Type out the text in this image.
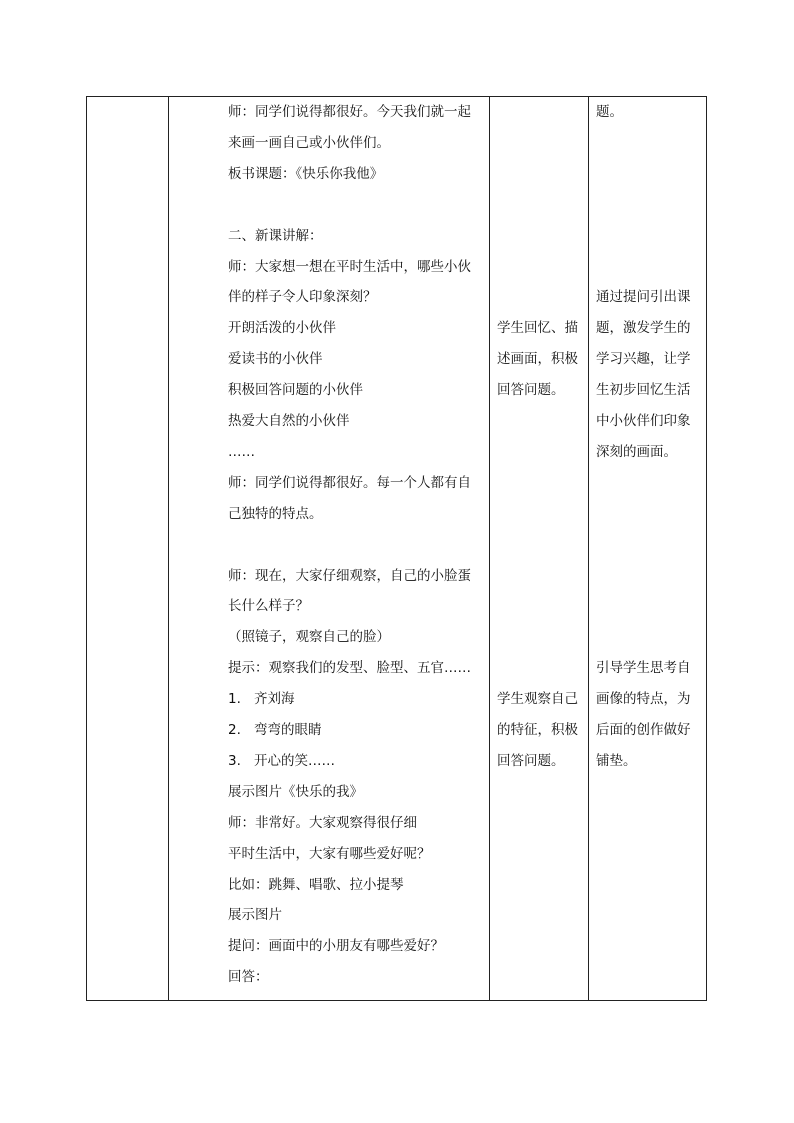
师：同学们说得都很好。今天我们就一起
来画一画自己或小伙伴们。
板书课题：《快乐你我他》
二、新课讲解：
师：大家想一想在平时生活中，哪些小伙
伴的样子令人印象深刻？
开朗活泼的小伙伴
爱读书的小伙伴
积极回答问题的小伙伴
热爱大自然的小伙伴
……
师：同学们说得都很好。每一个人都有自
己独特的特点。
师：现在，大家仔细观察，自己的小脸蛋
长什么样子？
（照镜子，观察自己的脸）
提示：观察我们的发型、脸型、五官……
1. 齐刘海
2. 弯弯的眼睛
3. 开心的笑……
展示图片《快乐的我》
师：非常好。大家观察得很仔细
平时生活中，大家有哪些爱好呢？
比如：跳舞、唱歌、拉小提琴
展示图片
提问：画面中的小朋友有哪些爱好？
回答：
学生回忆、描
述画面，积极
回答问题。
学生观察自己
的特征，积极
回答问题。
题。
通过提问引出课
题，激发学生的
学习兴趣，让学
生初步回忆生活
中小伙伴们印象
深刻的画面。
引导学生思考自
画像的特点，为
后面的创作做好
铺垫。
